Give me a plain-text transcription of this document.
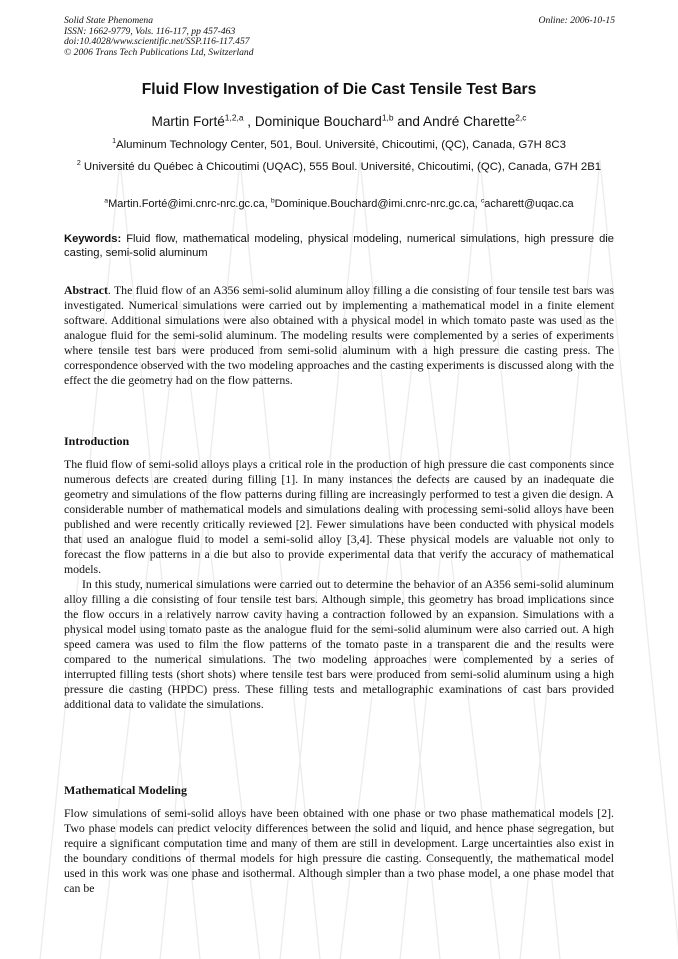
Solid State Phenomena
ISSN: 1662-9779, Vols. 116-117, pp 457-463
doi:10.4028/www.scientific.net/SSP.116-117.457
© 2006 Trans Tech Publications Ltd, Switzerland
Online: 2006-10-15
Fluid Flow Investigation of Die Cast Tensile Test Bars
Martin Forté$^{1,2,a}$ , Dominique Bouchard$^{1,b}$ and André Charette$^{2,c}$
$^1$Aluminum Technology Center, 501, Boul. Université, Chicoutimi, (QC), Canada, G7H 8C3
$^2$ Université du Québec à Chicoutimi (UQAC), 555 Boul. Université, Chicoutimi, (QC), Canada, G7H 2B1
$^a$Martin.Forté@imi.cnrc-nrc.gc.ca, $^b$Dominique.Bouchard@imi.cnrc-nrc.gc.ca, $^c$acharett@uqac.ca
Keywords: Fluid flow, mathematical modeling, physical modeling, numerical simulations, high pressure die casting, semi-solid aluminum
Abstract. The fluid flow of an A356 semi-solid aluminum alloy filling a die consisting of four tensile test bars was investigated. Numerical simulations were carried out by implementing a mathematical model in a finite element software. Additional simulations were also obtained with a physical model in which tomato paste was used as the analogue fluid for the semi-solid aluminum. The modeling results were complemented by a series of experiments where tensile test bars were produced from semi-solid aluminum with a high pressure die casting press. The correspondence observed with the two modeling approaches and the casting experiments is discussed along with the effect the die geometry had on the flow patterns.
Introduction

The fluid flow of semi-solid alloys plays a critical role in the production of high pressure die cast components since numerous defects are created during filling [1]. In many instances the defects are caused by an inadequate die geometry and simulations of the flow patterns during filling are increasingly performed to test a given die design. A considerable number of mathematical models and simulations dealing with processing semi-solid alloys have been published and were recently critically reviewed [2]. Fewer simulations have been conducted with physical models that used an analogue fluid to model a semi-solid alloy [3,4]. These physical models are valuable not only to forecast the flow patterns in a die but also to provide experimental data that verify the accuracy of mathematical models.

In this study, numerical simulations were carried out to determine the behavior of an A356 semi-solid aluminum alloy filling a die consisting of four tensile test bars. Although simple, this geometry has broad implications since the flow occurs in a relatively narrow cavity having a contraction followed by an expansion. Simulations with a physical model using tomato paste as the analogue fluid for the semi-solid aluminum were also carried out. A high speed camera was used to film the flow patterns of the tomato paste in a transparent die and the results were compared to the numerical simulations. The two modeling approaches were complemented by a series of interrupted filling tests (short shots) where tensile test bars were produced from semi-solid aluminum using a high pressure die casting (HPDC) press. These filling tests and metallographic examinations of cast bars provided additional data to validate the simulations.

Mathematical Modeling

Flow simulations of semi-solid alloys have been obtained with one phase or two phase mathematical models [2]. Two phase models can predict velocity differences between the solid and liquid, and hence phase segregation, but require a significant computation time and many of them are still in development. Large uncertainties also exist in the boundary conditions of thermal models for high pressure die casting. Consequently, the mathematical model used in this work was one phase and isothermal. Although simpler than a two phase model, a one phase model that can be
